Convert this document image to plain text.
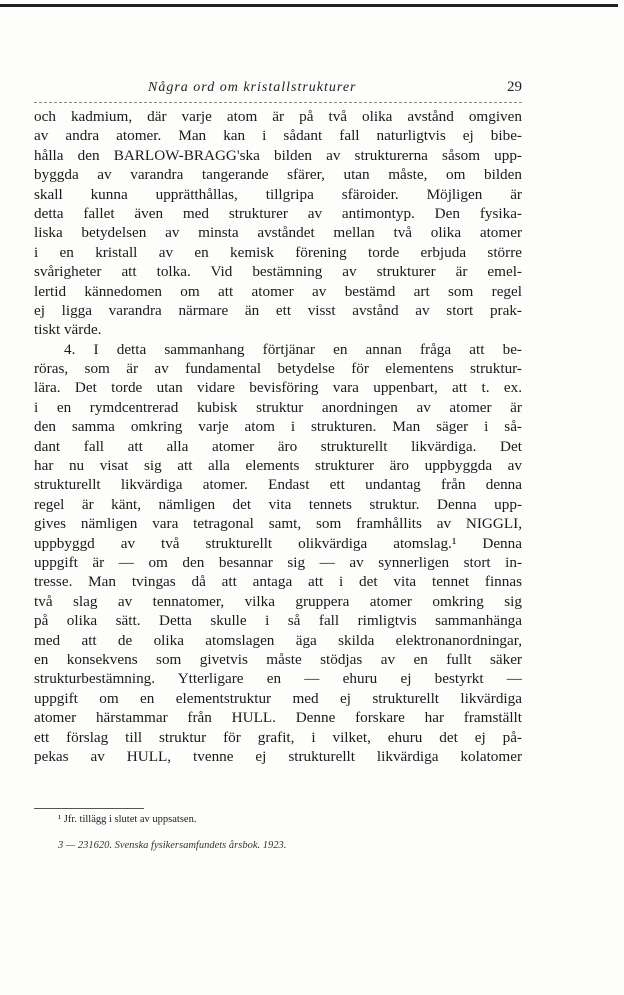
Några ord om kristallstrukturer	29
och kadmium, där varje atom är på två olika avstånd omgiven
av andra atomer. Man kan i sådant fall naturligtvis ej bibe-
hålla den BARLOW-BRAGG'ska bilden av strukturerna såsom upp-
byggda av varandra tangerande sfärer, utan måste, om bilden
skall kunna upprätthållas, tillgripa sfäroider. Möjligen är
detta fallet även med strukturer av antimontyp. Den fysika-
liska betydelsen av minsta avståndet mellan två olika atomer
i en kristall av en kemisk förening torde erbjuda större
svårigheter att tolka. Vid bestämning av strukturer är emel-
lertid kännedomen om att atomer av bestämd art som regel
ej ligga varandra närmare än ett visst avstånd av stort prak-
tiskt värde.
4. I detta sammanhang förtjänar en annan fråga att be-
röras, som är av fundamental betydelse för elementens struktur-
lära. Det torde utan vidare bevisföring vara uppenbart, att t. ex.
i en rymdcentrerad kubisk struktur anordningen av atomer är
den samma omkring varje atom i strukturen. Man säger i så-
dant fall att alla atomer äro strukturellt likvärdiga. Det
har nu visat sig att alla elements strukturer äro uppbyggda av
strukturellt likvärdiga atomer. Endast ett undantag från denna
regel är känt, nämligen det vita tennets struktur. Denna upp-
gives nämligen vara tetragonal samt, som framhållits av NIGGLI,
uppbyggd av två strukturellt olikvärdiga atomslag.¹ Denna
uppgift är — om den besannar sig — av synnerligen stort in-
tresse. Man tvingas då att antaga att i det vita tennet finnas
två slag av tennatomer, vilka gruppera atomer omkring sig
på olika sätt. Detta skulle i så fall rimligtvis sammanhänga
med att de olika atomslagen äga skilda elektronanordningar,
en konsekvens som givetvis måste stödjas av en fullt säker
strukturbestämning. Ytterligare en — ehuru ej bestyrkt —
uppgift om en elementstruktur med ej strukturellt likvärdiga
atomer härstammar från HULL. Denne forskare har framställt
ett förslag till struktur för grafit, i vilket, ehuru det ej på-
pekas av HULL, tvenne ej strukturellt likvärdiga kolatomer
¹ Jfr. tillägg i slutet av uppsatsen.
3 — 231620. Svenska fysikersamfundets årsbok. 1923.
